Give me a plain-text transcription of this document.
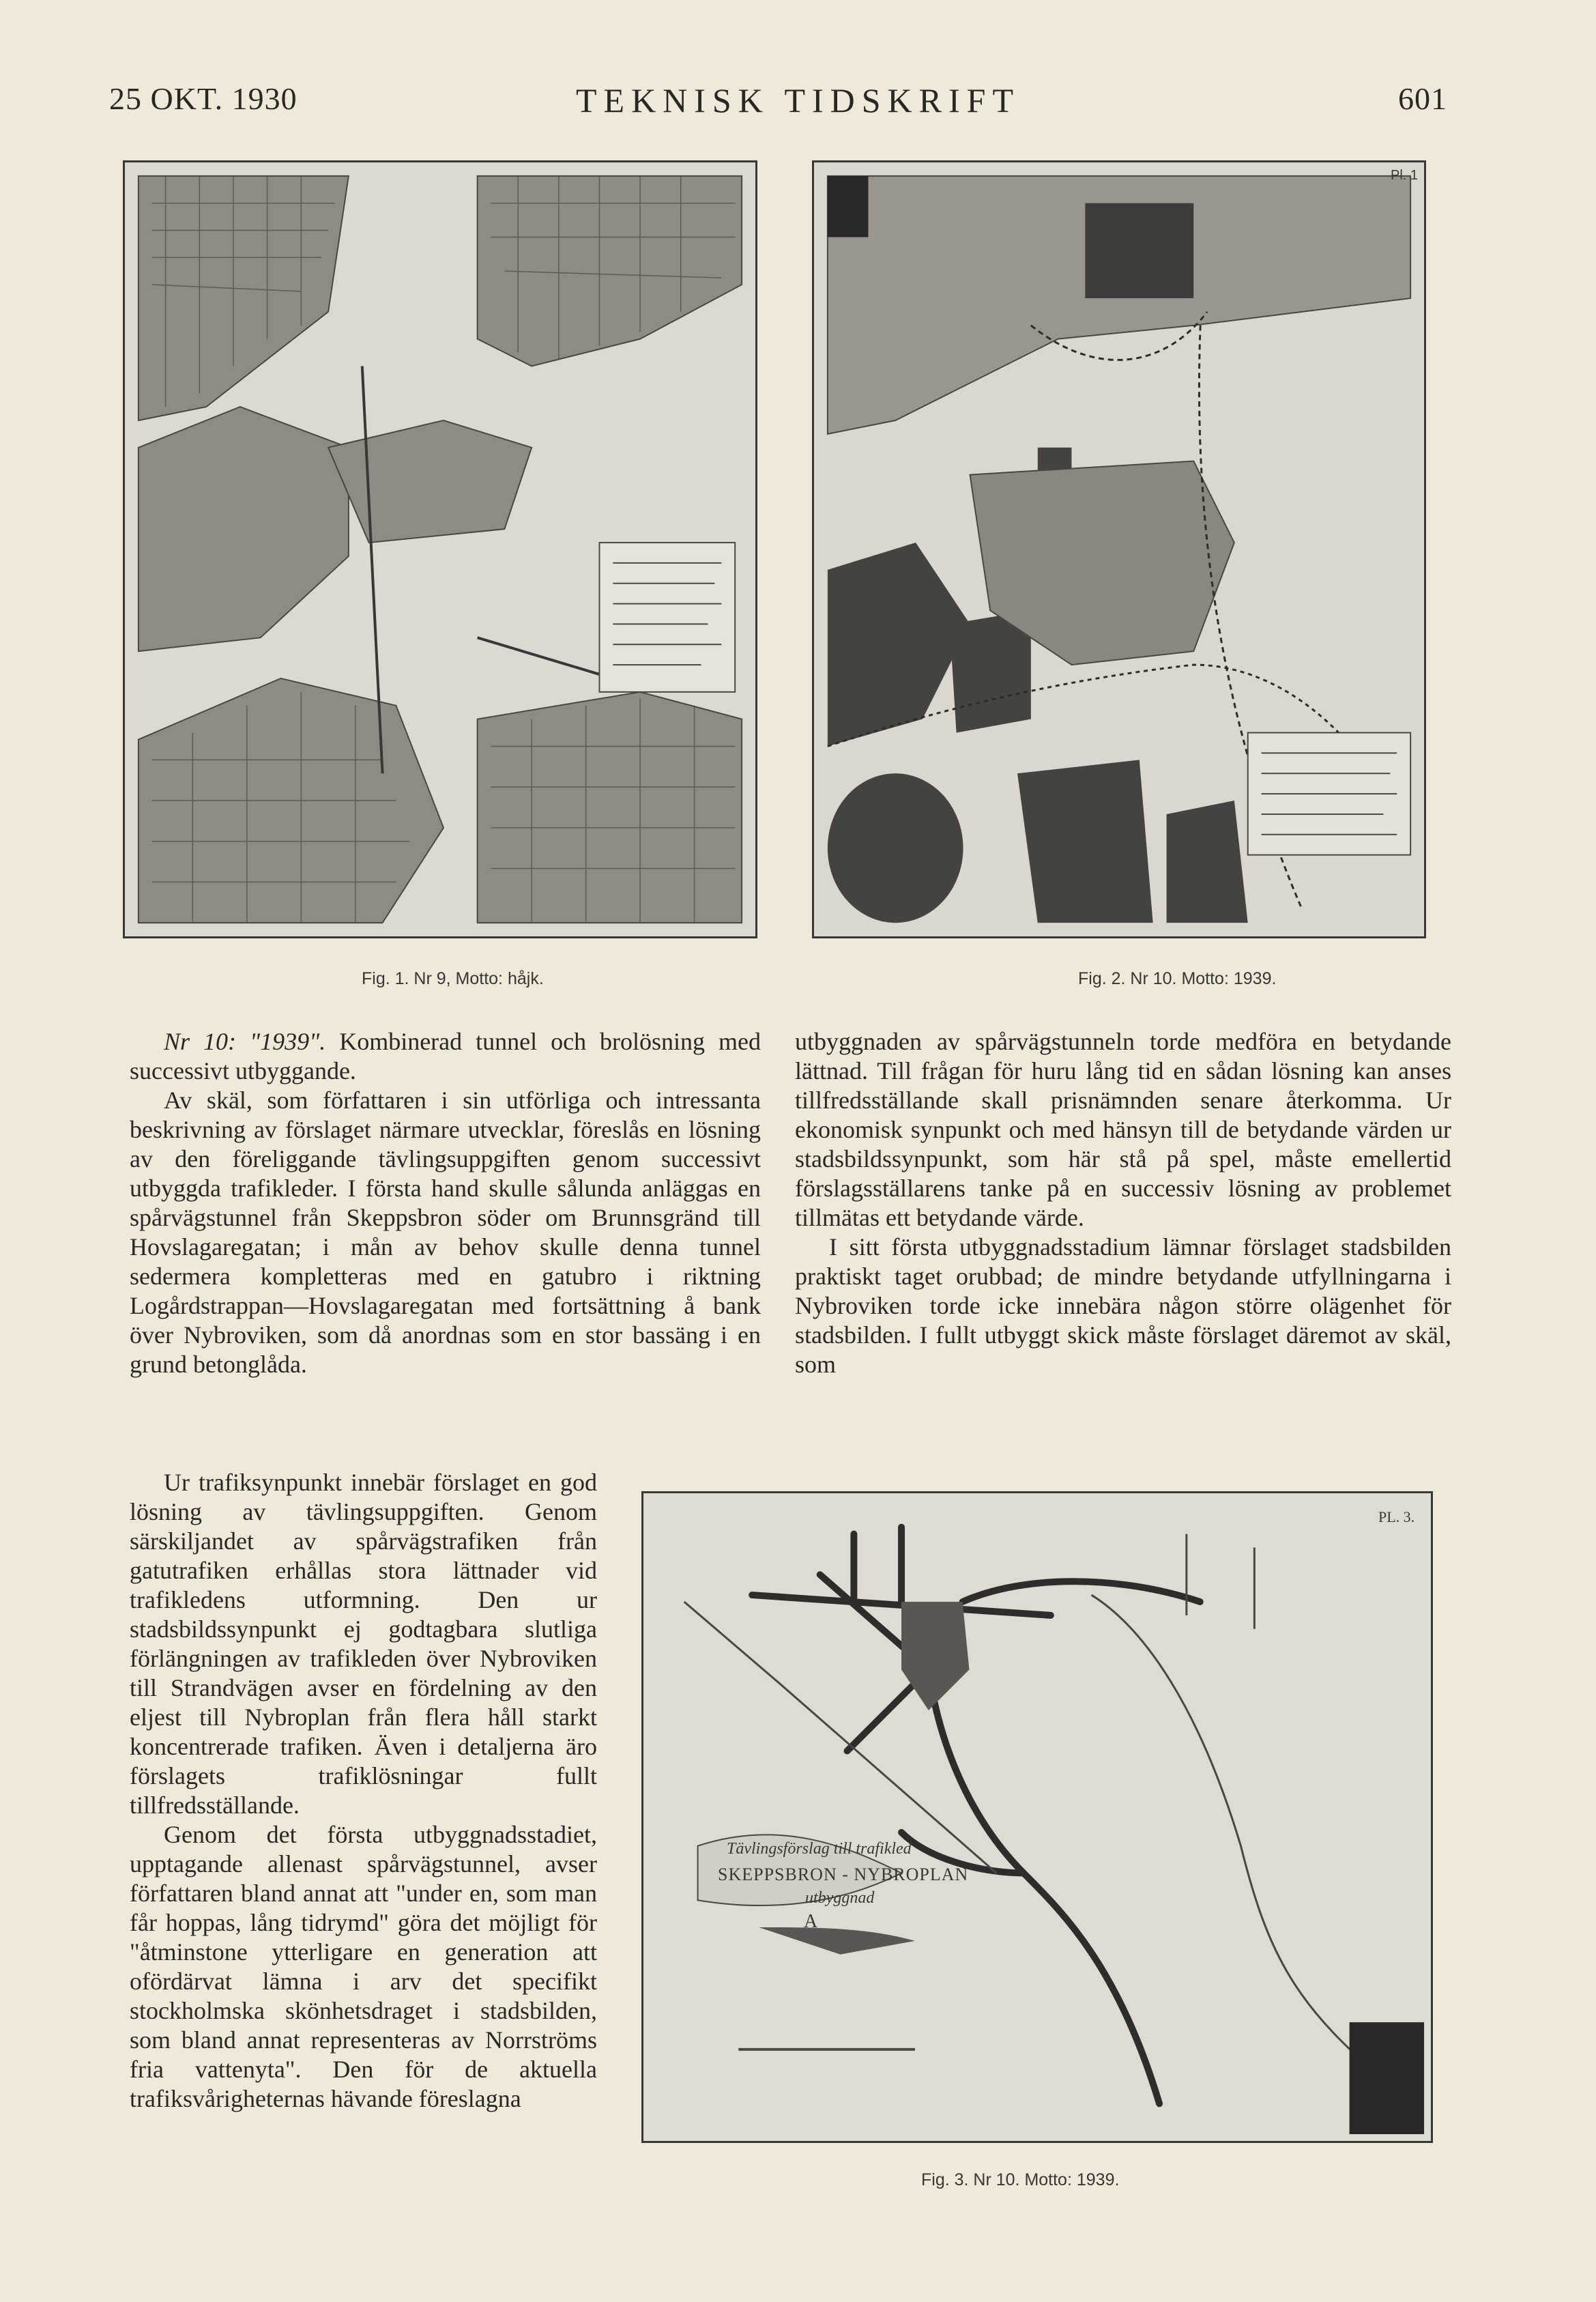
25 OKT. 1930	TEKNISK TIDSKRIFT	601
Fig. 1. Nr 9, Motto: håjk.	Fig. 2. Nr 10. Motto: 1939.
Pl. 1

Nr 10: "1939". Kombinerad tunnel och brolösning med successivt utbyggande.

Av skäl, som författaren i sin utförliga och intressanta beskrivning av förslaget närmare utvecklar, föreslås en lösning av den föreliggande tävlingsuppgiften genom successivt utbyggda trafikleder. I första hand skulle sålunda anläggas en spårvägstunnel från Skeppsbron söder om Brunnsgränd till Hovslagaregatan; i mån av behov skulle denna tunnel sedermera kompletteras med en gatubro i riktning Logårdstrappan—Hovslagaregatan med fortsättning å bank över Nybroviken, som då anordnas som en stor bassäng i en grund betonglåda.

Ur trafiksynpunkt innebär förslaget en god lösning av tävlingsuppgiften. Genom särskiljandet av spårvägstrafiken från gatutrafiken erhållas stora lättnader vid trafikledens utformning. Den ur stadsbildssynpunkt ej godtagbara slutliga förlängningen av trafikleden över Nybroviken till Strandvägen avser en fördelning av den eljest till Nybroplan från flera håll starkt koncentrerade trafiken. Även i detaljerna äro förslagets trafiklösningar fullt tillfredsställande.

Genom det första utbyggnadsstadiet, upptagande allenast spårvägstunnel, avser författaren bland annat att "under en, som man får hoppas, lång tidrymd" göra det möjligt för "åtminstone ytterligare en generation att ofördärvat lämna i arv det specifikt stockholmska skönhetsdraget i stadsbilden, som bland annat representeras av Norrströms fria vattenyta". Den för de aktuella trafiksvårigheternas hävande föreslagna

utbyggnaden av spårvägstunneln torde medföra en betydande lättnad. Till frågan för huru lång tid en sådan lösning kan anses tillfredsställande skall prisnämnden senare återkomma. Ur ekonomisk synpunkt och med hänsyn till de betydande värden ur stadsbildssynpunkt, som här stå på spel, måste emellertid förslagsställarens tanke på en successiv lösning av problemet tillmätas ett betydande värde.

I sitt första utbyggnadsstadium lämnar förslaget stadsbilden praktiskt taget orubbad; de mindre betydande utfyllningarna i Nybroviken torde icke innebära någon större olägenhet för stadsbilden. I fullt utbyggt skick måste förslaget däremot av skäl, som

Tävlingsförslag till trafikled
SKEPPSBRON - NYBROPLAN
utbyggnad
A
PL. 3.
Fig. 3. Nr 10. Motto: 1939.
